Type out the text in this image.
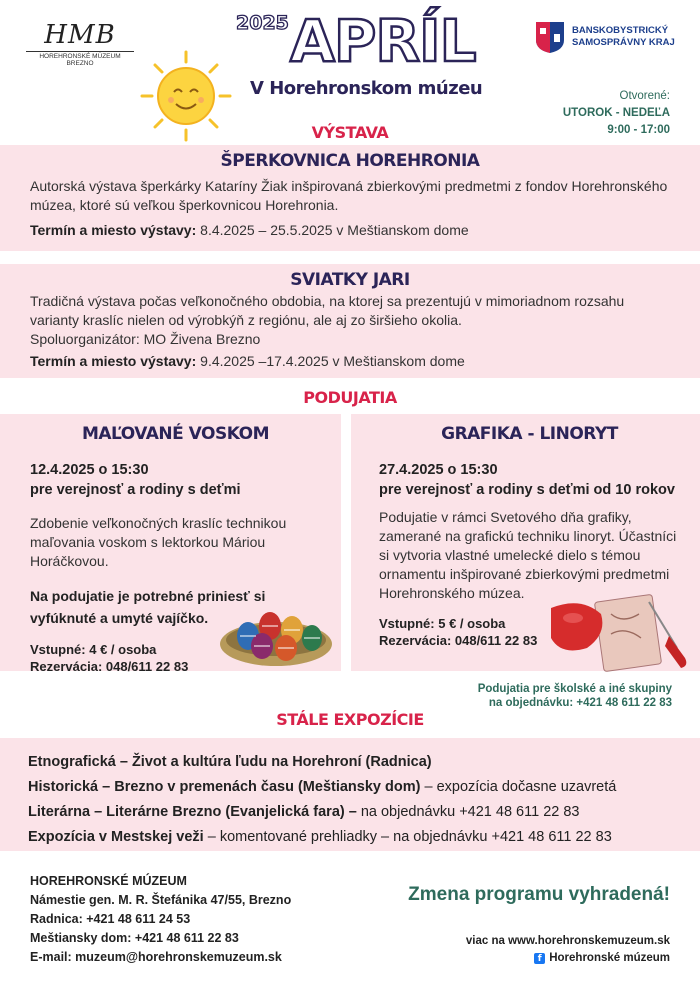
HMB
HOREHRONSKÉ MÚZEUM BREZNO
2025 APRÍL
V Horehronskom múzeu
BANSKOBYSTRICKÝ
SAMOSPRÁVNY KRAJ
Otvorené:
UTOROK - NEDEĽA
9:00 - 17:00
VÝSTAVA
ŠPERKOVNICA HOREHRONIA
Autorská výstava šperkárky Kataríny Žiak inšpirovaná zbierkovými predmetmi z fondov Horehronského múzea, ktoré sú veľkou šperkovnicou Horehronia.
Termín a miesto výstavy: 8.4.2025 – 25.5.2025 v Meštianskom dome
SVIATKY JARI
Tradičná výstava počas veľkonočného obdobia, na ktorej sa prezentujú v mimoriadnom rozsahu varianty kraslíc nielen od výrobkýň z regiónu, ale aj zo širšieho okolia.
Spoluorganizátor: MO Živena Brezno
Termín a miesto výstavy: 9.4.2025 –17.4.2025 v Meštianskom dome
PODUJATIA
MAĽOVANÉ VOSKOM
12.4.2025 o 15:30
pre verejnosť a rodiny s deťmi
Zdobenie veľkonočných kraslíc technikou maľovania voskom s lektorkou Máriou Horáčkovou.
Na podujatie je potrebné priniesť si vyfúknuté a umyté vajíčko.
Vstupné: 4 € / osoba
Rezervácia: 048/611 22 83
GRAFIKA - LINORYT
27.4.2025 o 15:30
pre verejnosť a rodiny s deťmi od 10 rokov
Podujatie v rámci Svetového dňa grafiky, zamerané na grafickú techniku linoryt. Účastníci si vytvoria vlastné umelecké dielo s témou ornamentu inšpirované zbierkovými predmetmi Horehronského múzea.
Vstupné: 5 € / osoba
Rezervácia: 048/611 22 83
Podujatia pre školské a iné skupiny
na objednávku: +421 48 611 22 83
STÁLE EXPOZÍCIE
Etnografická – Život a kultúra ľudu na Horehroní (Radnica)
Historická – Brezno v premenách času (Meštiansky dom) – expozícia dočasne uzavretá
Literárna – Literárne Brezno (Evanjelická fara) – na objednávku +421 48 611 22 83
Expozícia v Mestskej veži – komentované prehliadky – na objednávku +421 48 611 22 83
HOREHRONSKÉ MÚZEUM
Námestie gen. M. R. Štefánika 47/55, Brezno
Radnica: +421 48 611 24 53
Meštiansky dom: +421 48 611 22 83
E-mail: muzeum@horehronskemuzeum.sk
Zmena programu vyhradená!
viac na www.horehronskemuzeum.sk
f Horehronské múzeum
